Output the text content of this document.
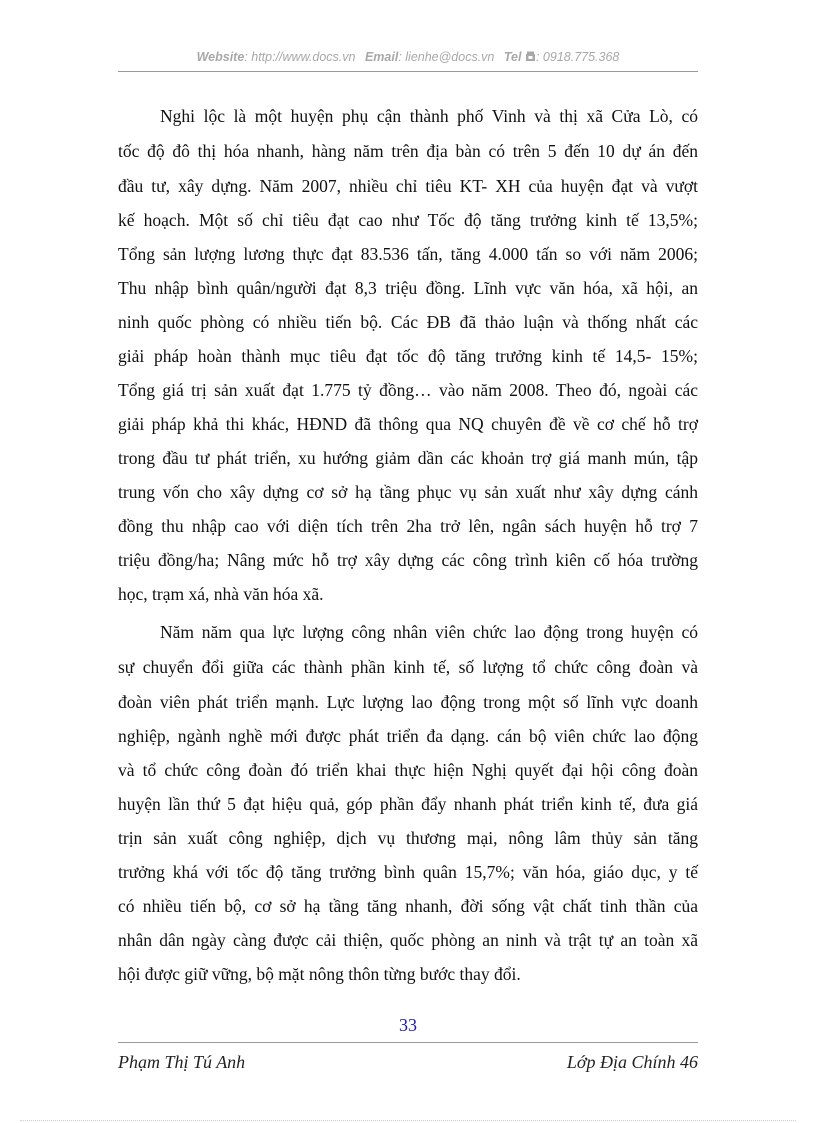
Website: http://www.docs.vn Email: lienhe@docs.vn Tel : 0918.775.368
Nghi lộc là một huyện phụ cận thành phố Vinh và thị xã Cửa Lò, có
tốc độ đô thị hóa nhanh, hàng năm trên địa bàn có trên 5 đến 10 dự án đến
đầu tư, xây dựng. Năm 2007, nhiều chỉ tiêu KT- XH của huyện đạt và vượt
kế hoạch. Một số chỉ tiêu đạt cao như Tốc độ tăng trưởng kinh tế 13,5%;
Tổng sản lượng lương thực đạt 83.536 tấn, tăng 4.000 tấn so với năm 2006;
Thu nhập bình quân/người đạt 8,3 triệu đồng. Lĩnh vực văn hóa, xã hội, an
ninh quốc phòng có nhiều tiến bộ. Các ĐB đã thảo luận và thống nhất các
giải pháp hoàn thành mục tiêu đạt tốc độ tăng trưởng kinh tế 14,5- 15%;
Tổng giá trị sản xuất đạt 1.775 tỷ đồng… vào năm 2008. Theo đó, ngoài các
giải pháp khả thi khác, HĐND đã thông qua NQ chuyên đề về cơ chế hỗ trợ
trong đầu tư phát triển, xu hướng giảm dần các khoản trợ giá manh mún, tập
trung vốn cho xây dựng cơ sở hạ tầng phục vụ sản xuất như xây dựng cánh
đồng thu nhập cao với diện tích trên 2ha trở lên, ngân sách huyện hỗ trợ 7
triệu đồng/ha; Nâng mức hỗ trợ xây dựng các công trình kiên cố hóa trường
học, trạm xá, nhà văn hóa xã.
Năm năm qua lực lượng công nhân viên chức lao động trong huyện có
sự chuyển đổi giữa các thành phần kinh tế, số lượng tổ chức công đoàn và
đoàn viên phát triển mạnh. Lực lượng lao động trong một số lĩnh vực doanh
nghiệp, ngành nghề mới được phát triển đa dạng. cán bộ viên chức lao động
và tổ chức công đoàn đó triển khai thực hiện Nghị quyết đại hội công đoàn
huyện lần thứ 5 đạt hiệu quả, góp phần đẩy nhanh phát triển kinh tế, đưa giá
trịn sản xuất công nghiệp, dịch vụ thương mại, nông lâm thủy sản tăng
trưởng khá với tốc độ tăng trưởng bình quân 15,7%; văn hóa, giáo dục, y tế
có nhiều tiến bộ, cơ sở hạ tầng tăng nhanh, đời sống vật chất tinh thần của
nhân dân ngày càng được cải thiện, quốc phòng an ninh và trật tự an toàn xã
hội được giữ vững, bộ mặt nông thôn từng bước thay đổi.
33
Phạm Thị Tú Anh	Lớp Địa Chính 46
